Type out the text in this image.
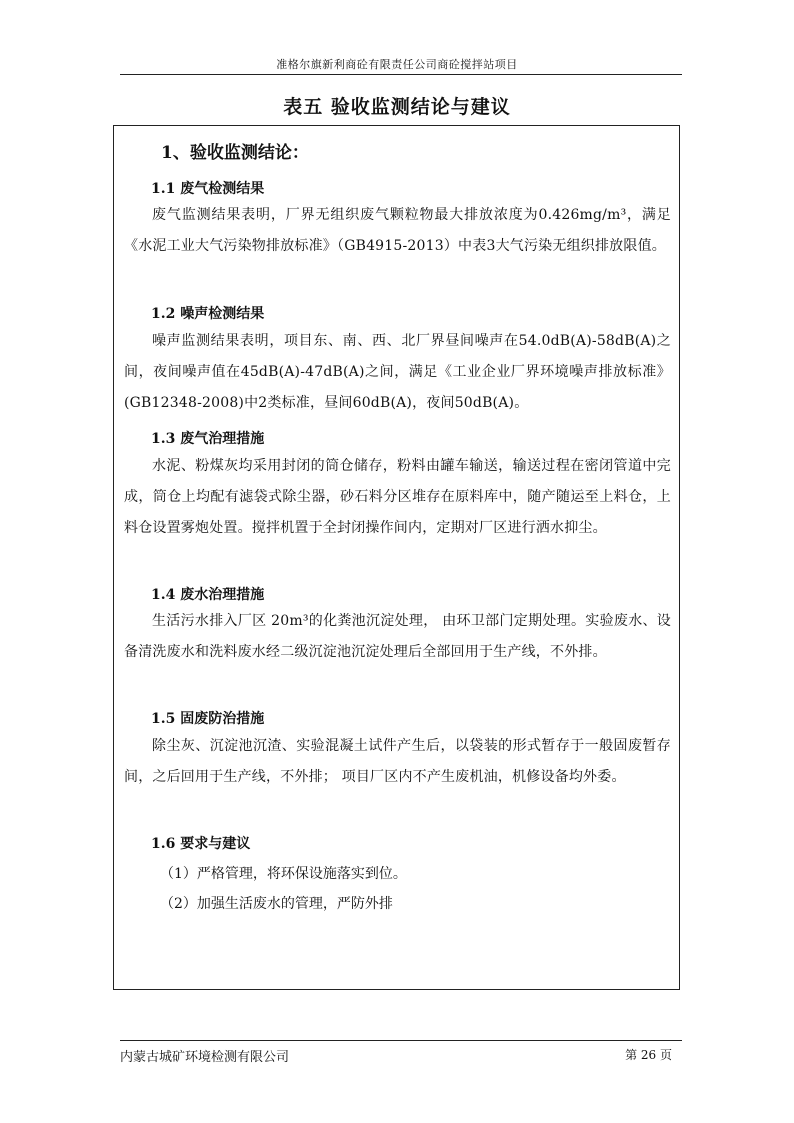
准格尔旗新利商砼有限责任公司商砼搅拌站项目
表五 验收监测结论与建议
1、验收监测结论：
1.1 废气检测结果
废气监测结果表明，厂界无组织废气颗粒物最大排放浓度为0.426mg/m³，满足《水泥工业大气污染物排放标准》（GB4915-2013）中表3大气污染无组织排放限值。
1.2 噪声检测结果
噪声监测结果表明，项目东、南、西、北厂界昼间噪声在54.0dB(A)-58dB(A)之间，夜间噪声值在45dB(A)-47dB(A)之间，满足《工业企业厂界环境噪声排放标准》(GB12348-2008)中2类标准，昼间60dB(A)，夜间50dB(A)。
1.3 废气治理措施
水泥、粉煤灰均采用封闭的筒仓储存，粉料由罐车输送，输送过程在密闭管道中完成，筒仓上均配有滤袋式除尘器，砂石料分区堆存在原料库中，随产随运至上料仓，上料仓设置雾炮处置。搅拌机置于全封闭操作间内，定期对厂区进行洒水抑尘。
1.4 废水治理措施
生活污水排入厂区 20m³的化粪池沉淀处理， 由环卫部门定期处理。实验废水、设备清洗废水和洗料废水经二级沉淀池沉淀处理后全部回用于生产线，不外排。
1.5 固废防治措施
除尘灰、沉淀池沉渣、实验混凝土试件产生后，以袋装的形式暂存于一般固废暂存间，之后回用于生产线，不外排； 项目厂区内不产生废机油，机修设备均外委。
1.6 要求与建议
（1）严格管理，将环保设施落实到位。
（2）加强生活废水的管理，严防外排
内蒙古城矿环境检测有限公司	第 26 页
